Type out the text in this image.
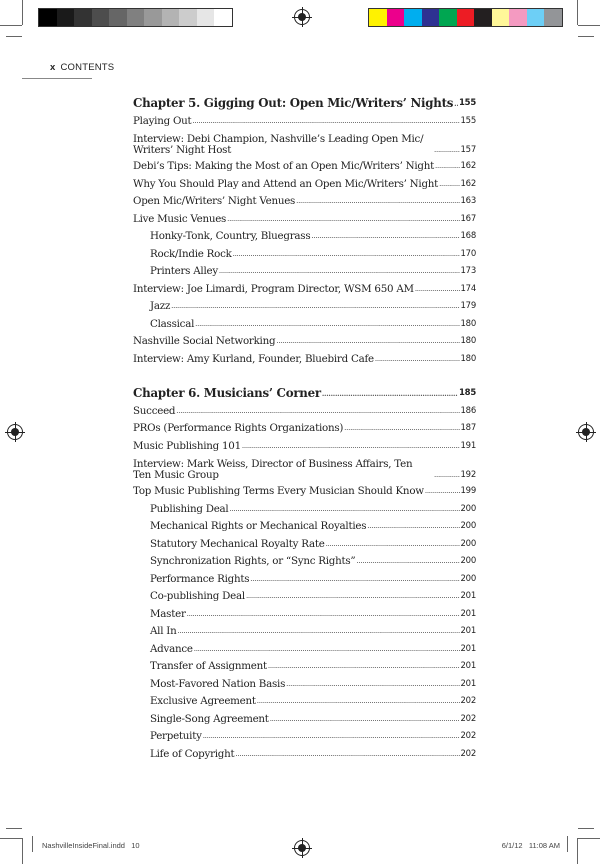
x CONTENTS
Chapter 5. Gigging Out: Open Mic/Writers’ Nights ..... 155
Playing Out .....	155
Interview: Debi Champion, Nashville’s Leading Open Mic/ Writers’ Night Host .....	157
Debi’s Tips: Making the Most of an Open Mic/Writers’ Night .....	162
Why You Should Play and Attend an Open Mic/Writers’ Night .....	162
Open Mic/Writers’ Night Venues .....	163
Live Music Venues .....	167
Honky-Tonk, Country, Bluegrass .....	168
Rock/Indie Rock .....	170
Printers Alley .....	173
Interview: Joe Limardi, Program Director, WSM 650 AM .....	174
Jazz .....	179
Classical .....	180
Nashville Social Networking .....	180
Interview: Amy Kurland, Founder, Bluebird Cafe .....	180
Chapter 6. Musicians’ Corner .....	185
Succeed .....	186
PROs (Performance Rights Organizations) .....	187
Music Publishing 101 .....	191
Interview: Mark Weiss, Director of Business Affairs, Ten Ten Music Group .....	192
Top Music Publishing Terms Every Musician Should Know .....	199
Publishing Deal .....	200
Mechanical Rights or Mechanical Royalties .....	200
Statutory Mechanical Royalty Rate .....	200
Synchronization Rights, or “Sync Rights” .....	200
Performance Rights .....	200
Co-publishing Deal .....	201
Master .....	201
All In .....	201
Advance .....	201
Transfer of Assignment .....	201
Most-Favored Nation Basis .....	201
Exclusive Agreement .....	202
Single-Song Agreement .....	202
Perpetuity .....	202
Life of Copyright .....	202
NashvilleInsideFinal.indd   10	6/1/12   11:08 AM
